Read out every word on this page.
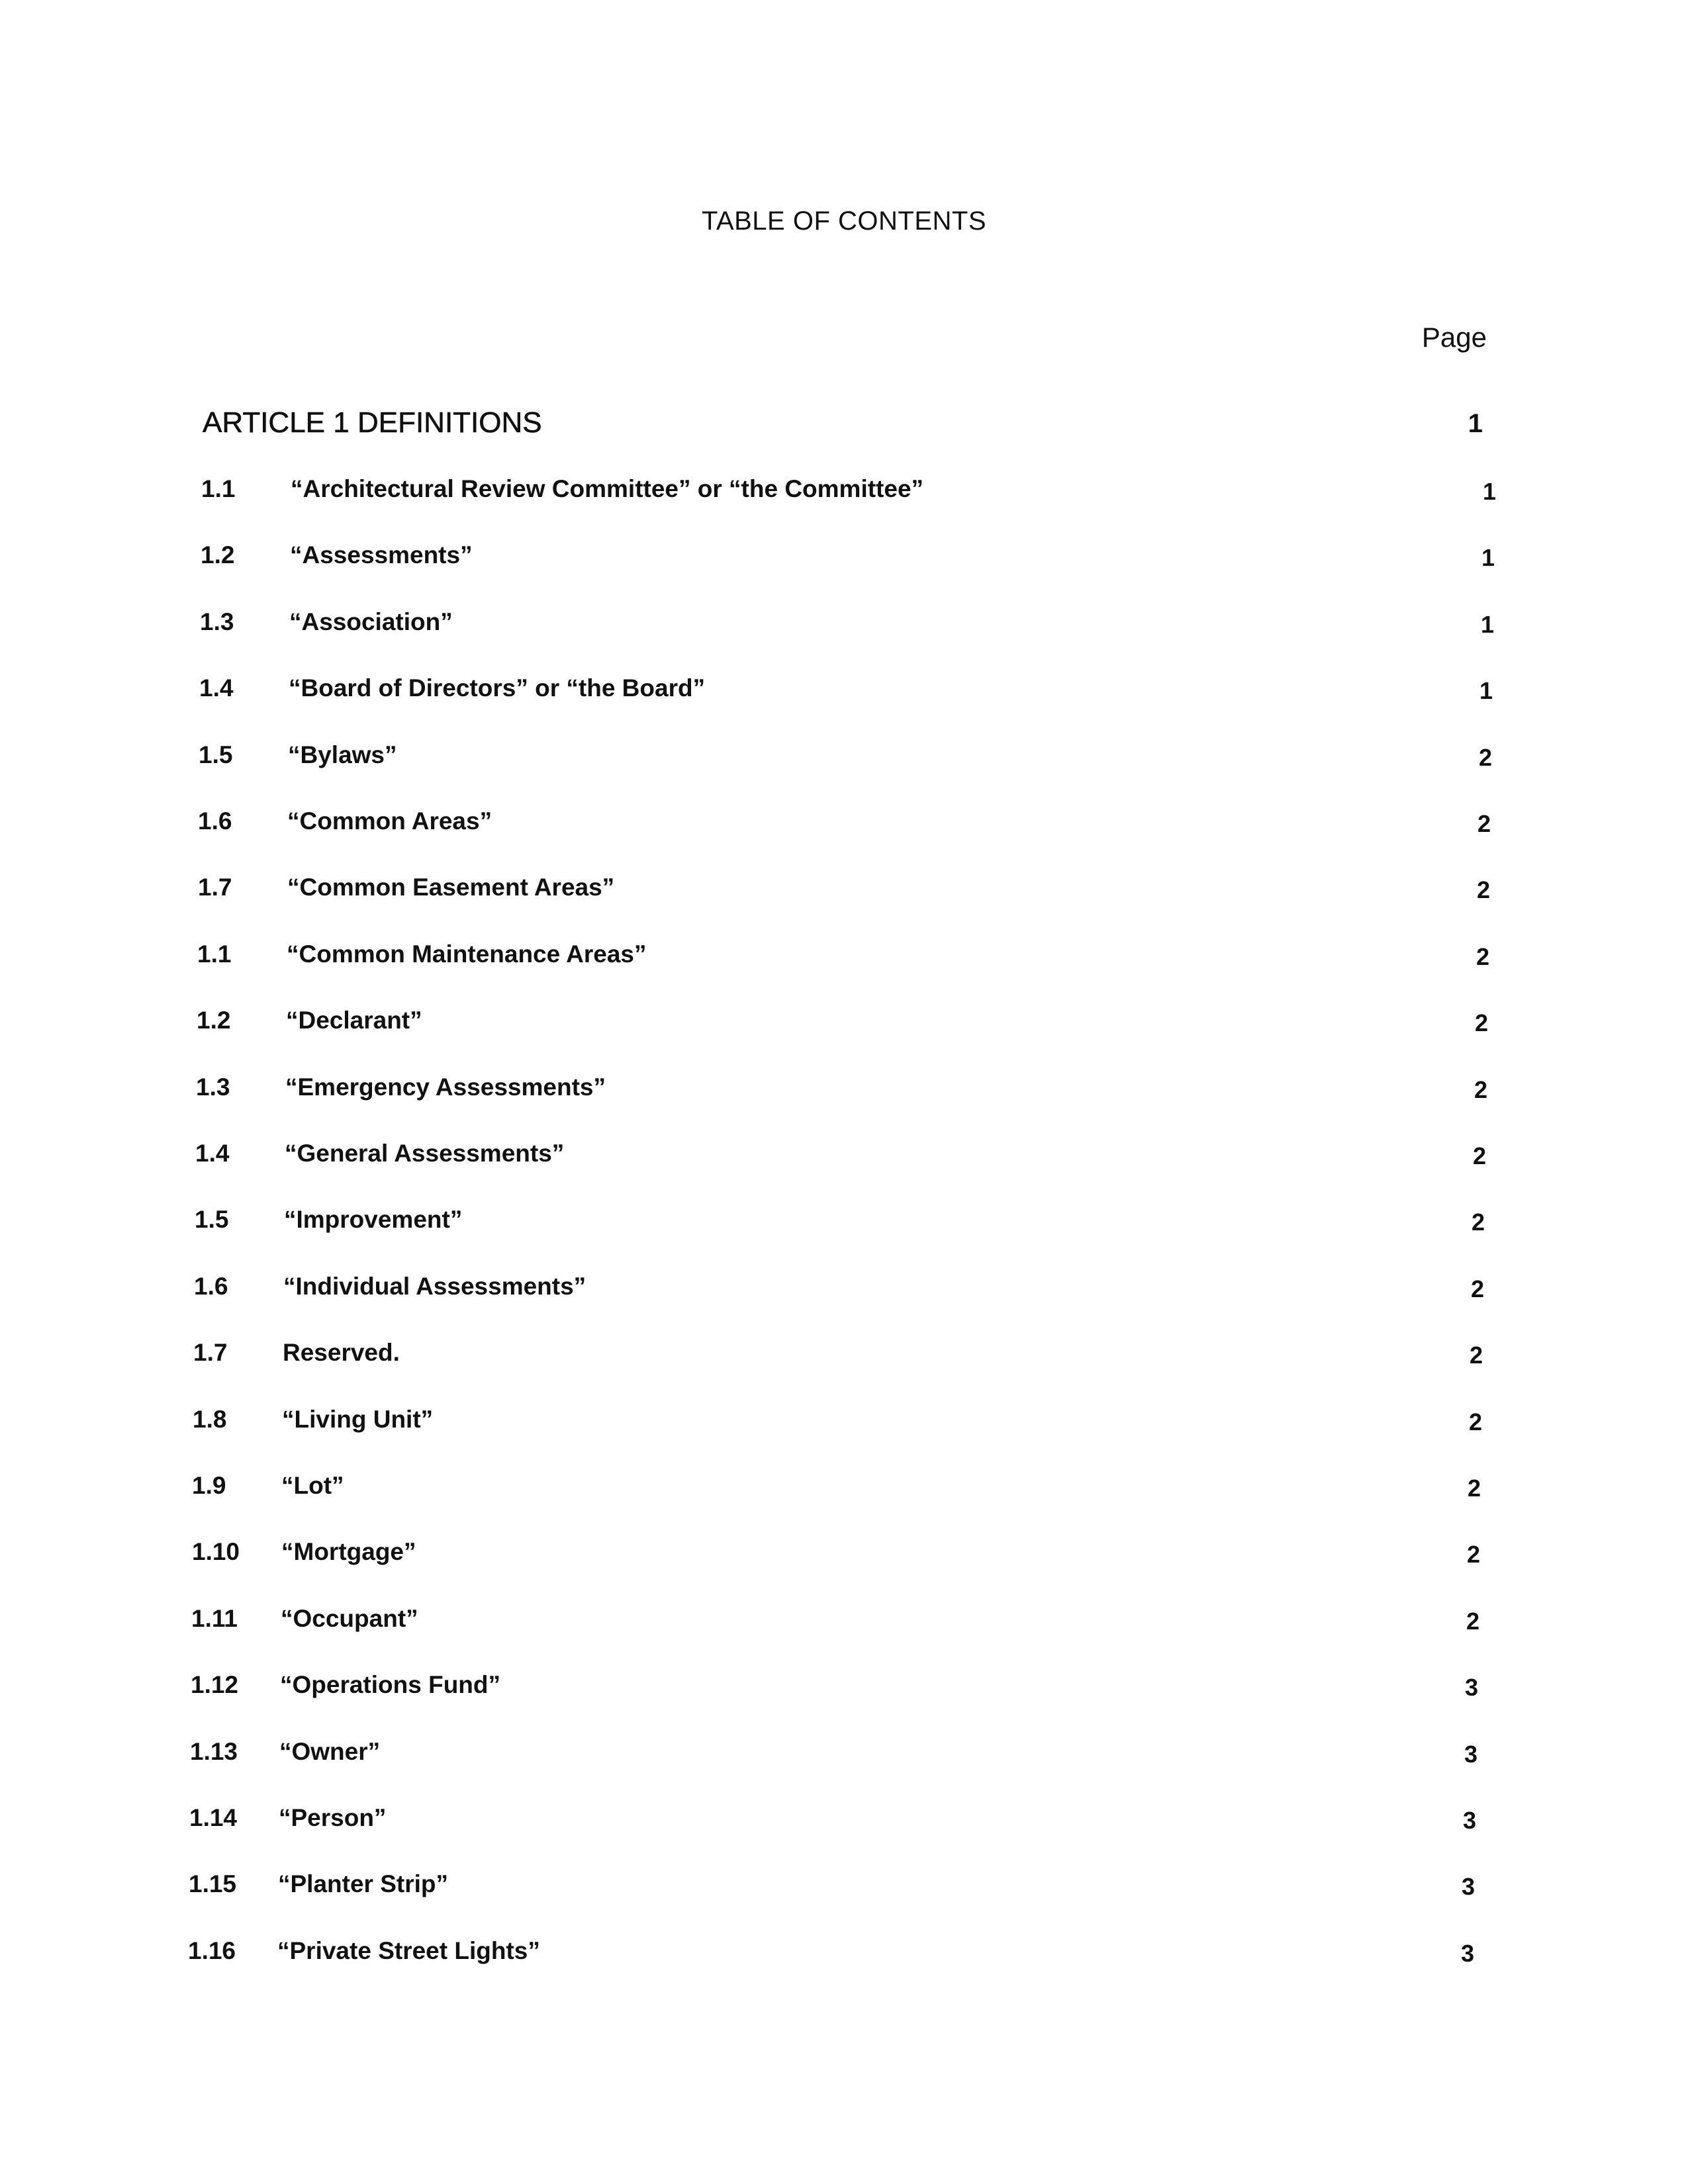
TABLE OF CONTENTS
Page
ARTICLE 1 DEFINITIONS	1
1.1 “Architectural Review Committee” or “the Committee”	1
1.2 “Assessments”	1
1.3 “Association”	1
1.4 “Board of Directors” or “the Board”	1
1.5 “Bylaws”	2
1.6 “Common Areas”	2
1.7 “Common Easement Areas”	2
1.1 “Common Maintenance Areas”	2
1.2 “Declarant”	2
1.3 “Emergency Assessments”	2
1.4 “General Assessments”	2
1.5 “Improvement”	2
1.6 “Individual Assessments”	2
1.7 Reserved.	2
1.8 “Living Unit”	2
1.9 “Lot”	2
1.10 “Mortgage”	2
1.11 “Occupant”	2
1.12 “Operations Fund”	3
1.13 “Owner”	3
1.14 “Person”	3
1.15 “Planter Strip”	3
1.16 “Private Street Lights”	3
